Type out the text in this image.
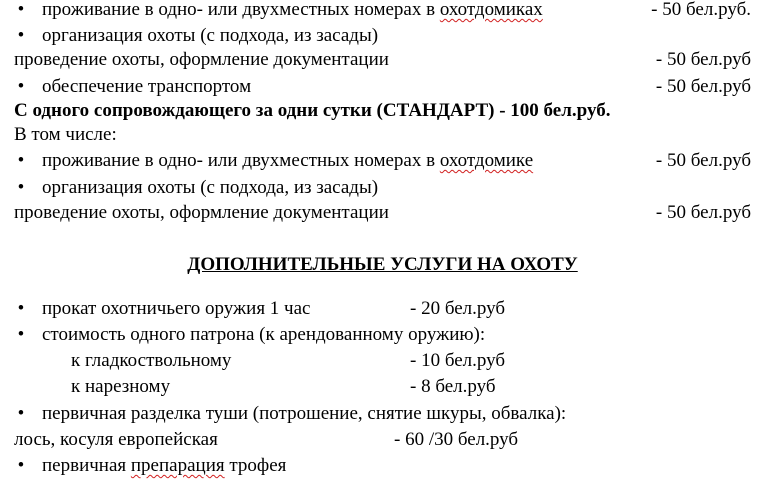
• проживание в одно- или двухместных номерах в охотдомиках	- 50 бел.руб.
• организация охоты (с подхода, из засады)
проведение охоты, оформление документации	- 50 бел.руб
• обеспечение транспортом	- 50 бел.руб
С одного сопровождающего за одни сутки (СТАНДАРТ) - 100 бел.руб.
В том числе:
• проживание в одно- или двухместных номерах в охотдомике	- 50 бел.руб
• организация охоты (с подхода, из засады)
проведение охоты, оформление документации	- 50 бел.руб
ДОПОЛНИТЕЛЬНЫЕ УСЛУГИ НА ОХОТУ
• прокат охотничьего оружия 1 час	- 20 бел.руб
• стоимость одного патрона (к арендованному оружию):
к гладкоствольному	- 10 бел.руб
к нарезному	- 8 бел.руб
• первичная разделка туши (потрошение, снятие шкуры, обвалка):
лось, косуля европейская	- 60 /30 бел.руб
• первичная препарация трофея
